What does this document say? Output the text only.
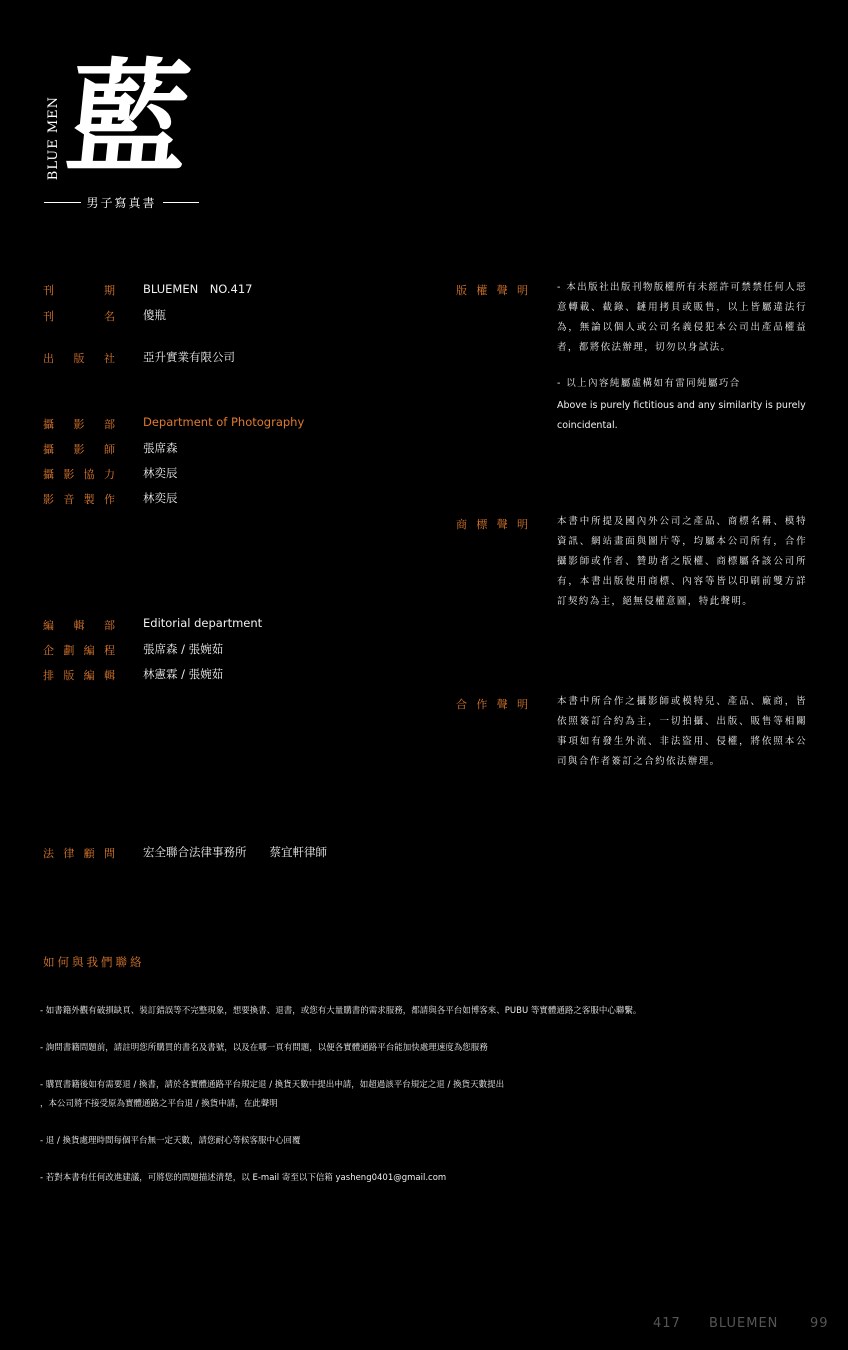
BLUE MEN 藍
男子寫真書
刊	期 BLUEMEN　NO.417
刊	名 傻瓶
出 版 社 亞升實業有限公司
攝 影 部 Department of Photography
攝 影 師 張席森
攝 影 協 力 林奕辰
影 音 製 作 林奕辰
編 輯 部 Editorial department
企 劃 編 程 張席森 / 張婉茹
排 版 編 輯 林憲霖 / 張婉茹
法 律 顧 問 宏全聯合法律事務所　　蔡宜軒律師
版 權 聲 明	- 本出版社出版刊物版權所有未經許可禁禁任何人惡意轉載、截錄、鏈用拷貝或販售，以上皆屬違法行為，無論以個人或公司名義侵犯本公司出產品權益者，都將依法辦理，切勿以身試法。
- 以上內容純屬虛構如有雷同純屬巧合
Above is purely fictitious and any similarity is purely coincidental.
商 標 聲 明	本書中所提及國內外公司之產品、商標名稱、模特資訊、網站畫面與圖片等，均屬本公司所有，合作攝影師或作者、贊助者之版權、商標屬各該公司所有，本書出版使用商標、內容等皆以印刷前雙方詳訂契約為主，絕無侵權意圖，特此聲明。
合 作 聲 明	本書中所合作之攝影師或模特兒、產品、廠商，皆依照簽訂合約為主，一切拍攝、出版、販售等相關事項如有發生外流、非法盜用、侵權，將依照本公司與合作者簽訂之合約依法辦理。
如何與我們聯絡
- 如書籍外觀有破損缺頁、裝訂錯誤等不完整現象，想要換書、退書，或您有大量購書的需求服務，都請與各平台如博客來、PUBU 等實體通路之客服中心聯繫。
- 詢問書籍問題前，請註明您所購買的書名及書號，以及在哪一頁有問題，以便各實體通路平台能加快處理速度為您服務
- 購買書籍後如有需要退 / 換書，請於各實體通路平台規定退 / 換貨天數中提出申請，如超過該平台規定之退 / 換貨天數提出
，本公司將不接受原為實體通路之平台退 / 換貨申請，在此聲明
- 退 / 換貨處理時間每個平台無一定天數，請您耐心等候客服中心回覆
- 若對本書有任何改進建議，可將您的問題描述清楚，以 E-mail 寄至以下信箱 yasheng0401@gmail.com
417 BLUEMEN 99
